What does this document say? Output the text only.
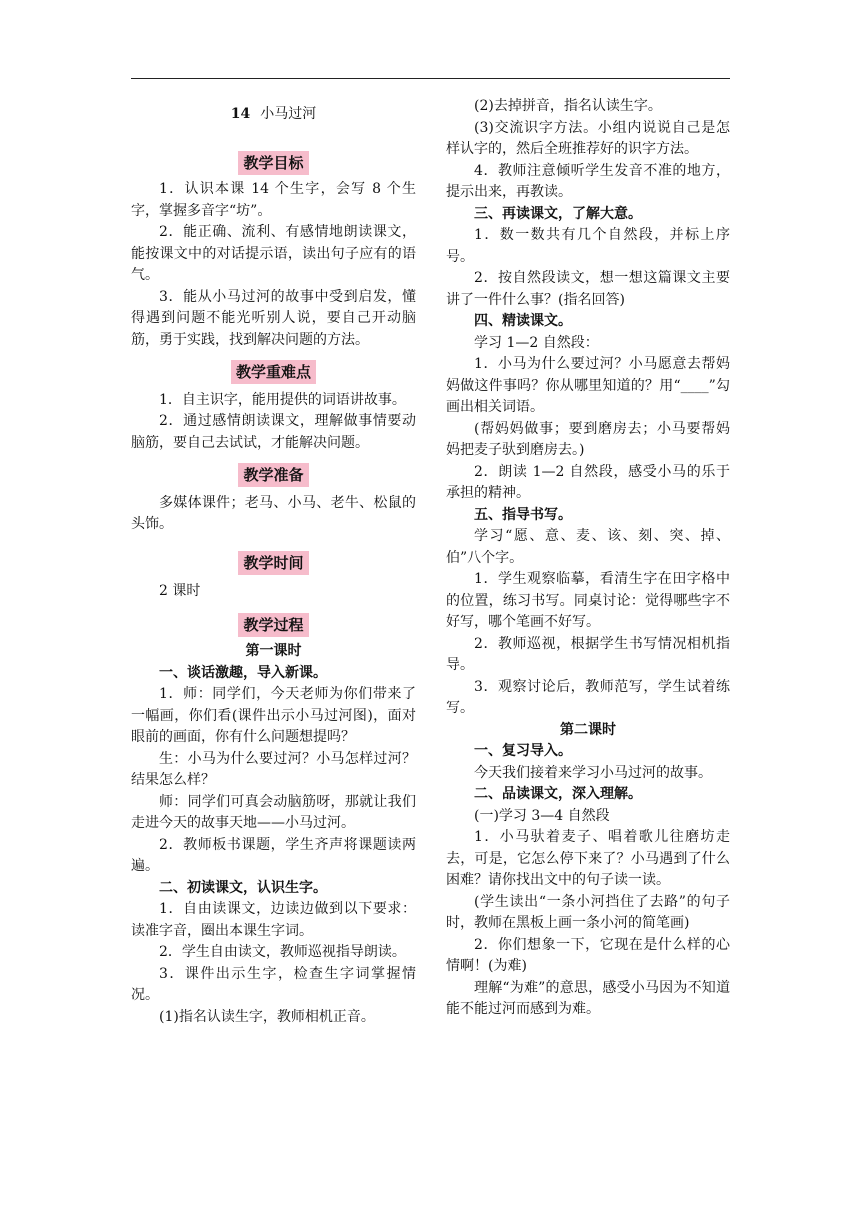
14 小马过河

教学目标

1．认识本课 14 个生字，会写 8 个生字，掌握多音字“坊”。

2．能正确、流利、有感情地朗读课文，能按课文中的对话提示语，读出句子应有的语气。

3．能从小马过河的故事中受到启发，懂得遇到问题不能光听别人说，要自己开动脑筋，勇于实践，找到解决问题的方法。

教学重难点

1．自主识字，能用提供的词语讲故事。

2．通过感情朗读课文，理解做事情要动脑筋，要自己去试试，才能解决问题。

教学准备

多媒体课件；老马、小马、老牛、松鼠的头饰。

教学时间

2 课时

教学过程

第一课时

一、谈话激趣，导入新课。

1．师：同学们，今天老师为你们带来了一幅画，你们看(课件出示小马过河图)，面对眼前的画面，你有什么问题想提吗？

生：小马为什么要过河？小马怎样过河？结果怎么样？

师：同学们可真会动脑筋呀，那就让我们走进今天的故事天地——小马过河。

2．教师板书课题，学生齐声将课题读两遍。

二、初读课文，认识生字。

1．自由读课文，边读边做到以下要求：读准字音，圈出本课生字词。

2．学生自由读文，教师巡视指导朗读。

3．课件出示生字，检查生字词掌握情况。

(1)指名认读生字，教师相机正音。

(2)去掉拼音，指名认读生字。

(3)交流识字方法。小组内说说自己是怎样认字的，然后全班推荐好的识字方法。

4．教师注意倾听学生发音不准的地方，提示出来，再教读。

三、再读课文，了解大意。

1．数一数共有几个自然段，并标上序号。

2．按自然段读文，想一想这篇课文主要讲了一件什么事？(指名回答)

四、精读课文。

学习 1—2 自然段：

1．小马为什么要过河？小马愿意去帮妈妈做这件事吗？你从哪里知道的？用“____”勾画出相关词语。

(帮妈妈做事；要到磨房去；小马要帮妈妈把麦子驮到磨房去。)

2．朗读 1—2 自然段，感受小马的乐于承担的精神。

五、指导书写。

学习“愿、意、麦、该、刻、突、掉、伯”八个字。

1．学生观察临摹，看清生字在田字格中的位置，练习书写。同桌讨论：觉得哪些字不好写，哪个笔画不好写。

2．教师巡视，根据学生书写情况相机指导。

3．观察讨论后，教师范写，学生试着练写。

第二课时

一、复习导入。

今天我们接着来学习小马过河的故事。

二、品读课文，深入理解。

(一)学习 3—4 自然段

1．小马驮着麦子、唱着歌儿往磨坊走去，可是，它怎么停下来了？小马遇到了什么困难？请你找出文中的句子读一读。

(学生读出“一条小河挡住了去路”的句子时，教师在黑板上画一条小河的简笔画)

2．你们想象一下，它现在是什么样的心情啊！(为难)

理解“为难”的意思，感受小马因为不知道能不能过河而感到为难。
